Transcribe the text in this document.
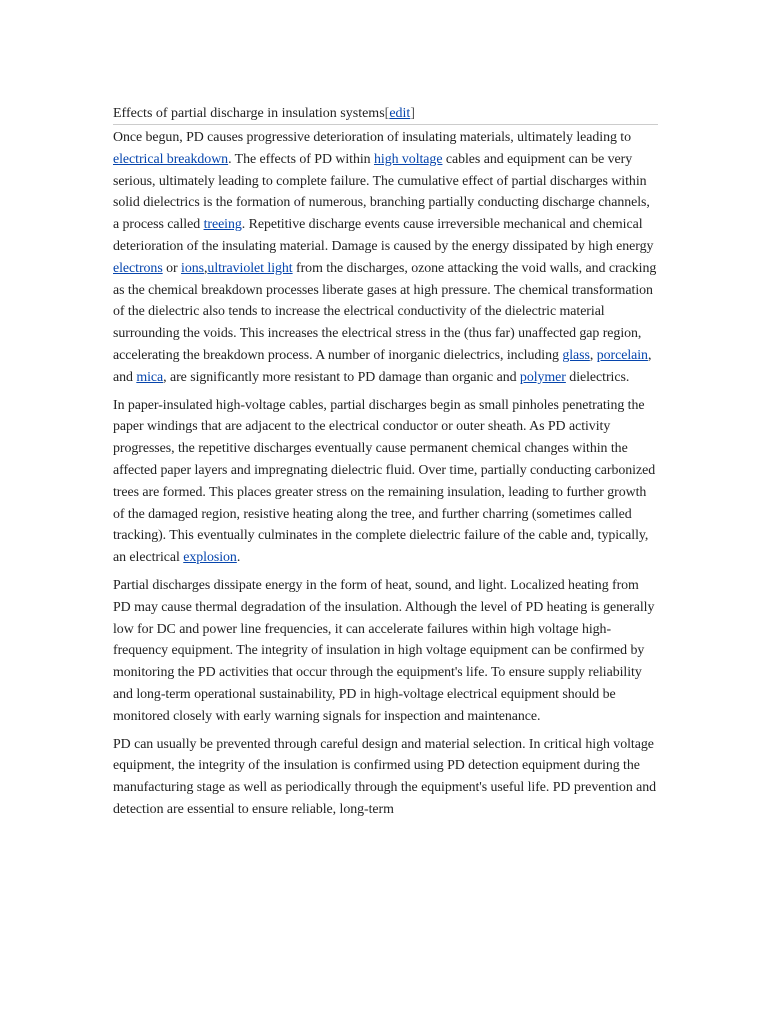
Effects of partial discharge in insulation systems[edit]

Once begun, PD causes progressive deterioration of insulating materials, ultimately leading to electrical breakdown. The effects of PD within high voltage cables and equipment can be very serious, ultimately leading to complete failure. The cumulative effect of partial discharges within solid dielectrics is the formation of numerous, branching partially conducting discharge channels, a process called treeing. Repetitive discharge events cause irreversible mechanical and chemical deterioration of the insulating material. Damage is caused by the energy dissipated by high energy electrons or ions,ultraviolet light from the discharges, ozone attacking the void walls, and cracking as the chemical breakdown processes liberate gases at high pressure. The chemical transformation of the dielectric also tends to increase the electrical conductivity of the dielectric material surrounding the voids. This increases the electrical stress in the (thus far) unaffected gap region, accelerating the breakdown process. A number of inorganic dielectrics, including glass, porcelain, and mica, are significantly more resistant to PD damage than organic and polymer dielectrics.

In paper-insulated high-voltage cables, partial discharges begin as small pinholes penetrating the paper windings that are adjacent to the electrical conductor or outer sheath. As PD activity progresses, the repetitive discharges eventually cause permanent chemical changes within the affected paper layers and impregnating dielectric fluid. Over time, partially conducting carbonized trees are formed. This places greater stress on the remaining insulation, leading to further growth of the damaged region, resistive heating along the tree, and further charring (sometimes called tracking). This eventually culminates in the complete dielectric failure of the cable and, typically, an electrical explosion.

Partial discharges dissipate energy in the form of heat, sound, and light. Localized heating from PD may cause thermal degradation of the insulation. Although the level of PD heating is generally low for DC and power line frequencies, it can accelerate failures within high voltage high-frequency equipment. The integrity of insulation in high voltage equipment can be confirmed by monitoring the PD activities that occur through the equipment's life. To ensure supply reliability and long-term operational sustainability, PD in high-voltage electrical equipment should be monitored closely with early warning signals for inspection and maintenance.

PD can usually be prevented through careful design and material selection. In critical high voltage equipment, the integrity of the insulation is confirmed using PD detection equipment during the manufacturing stage as well as periodically through the equipment's useful life. PD prevention and detection are essential to ensure reliable, long-term
